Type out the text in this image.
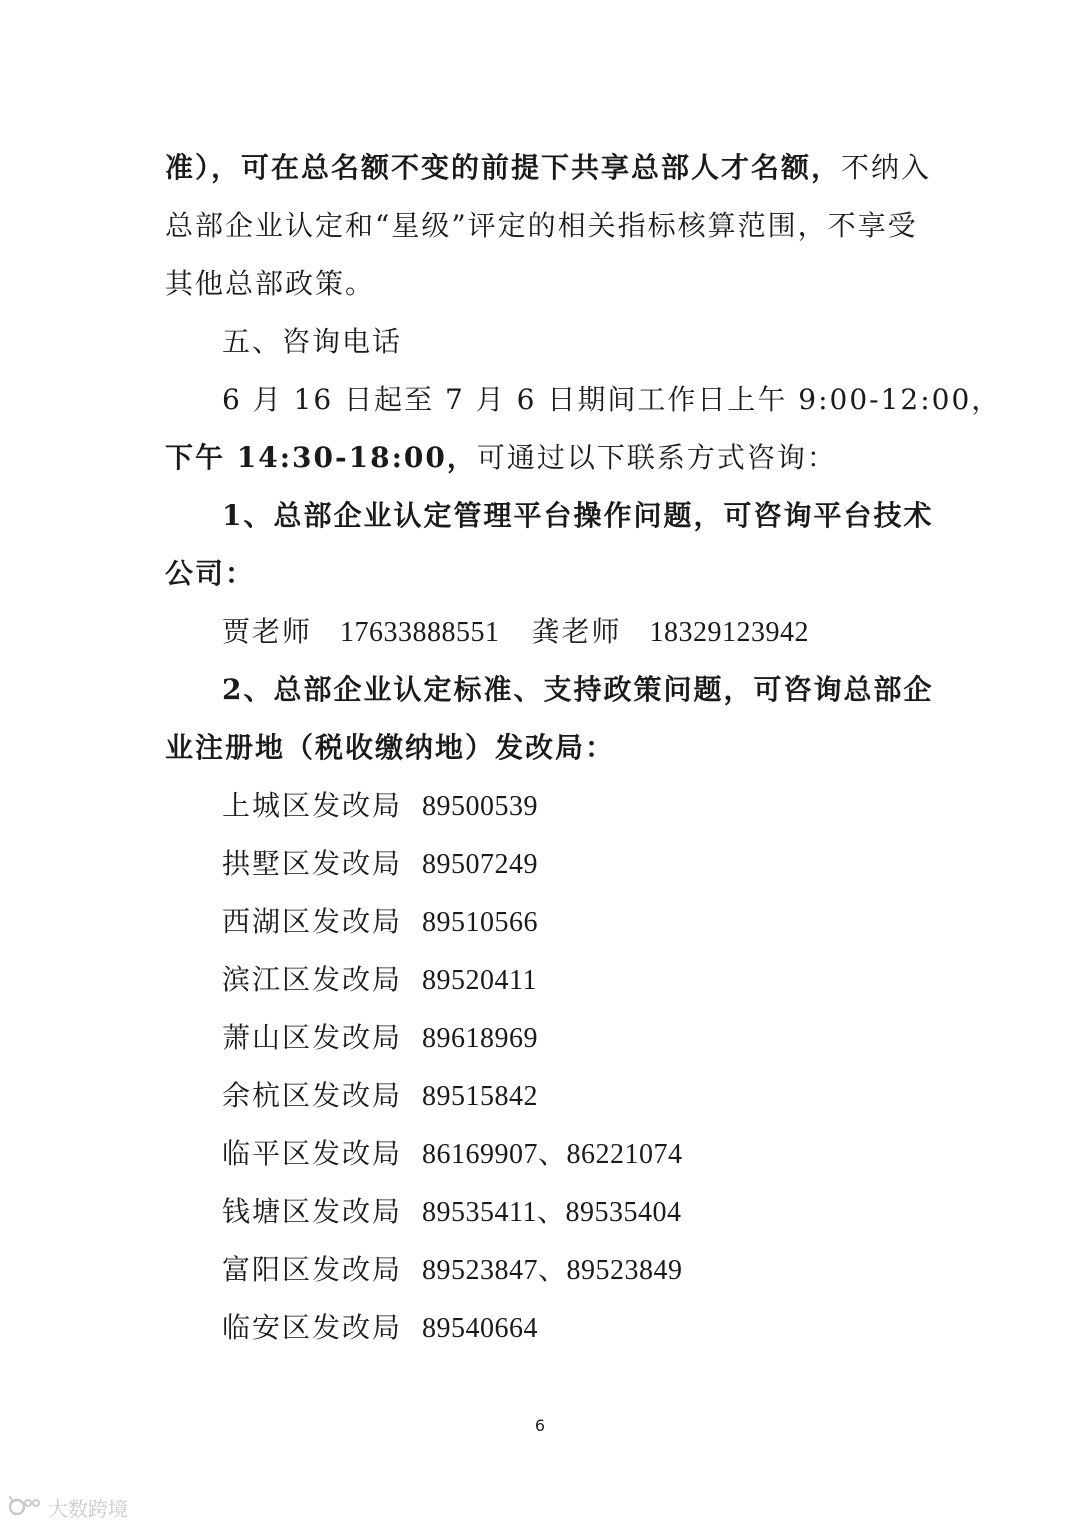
准），可在总名额不变的前提下共享总部人才名额，不纳入
总部企业认定和“星级”评定的相关指标核算范围，不享受
其他总部政策。
五、咨询电话
6 月 16 日起至 7 月 6 日期间工作日上午 9:00-12:00，
下午 14:30-18:00，可通过以下联系方式咨询：
1、总部企业认定管理平台操作问题，可咨询平台技术
公司：
贾老师 17633888551 龚老师 18329123942
2、总部企业认定标准、支持政策问题，可咨询总部企
业注册地（税收缴纳地）发改局：
上城区发改局 89500539
拱墅区发改局 89507249
西湖区发改局 89510566
滨江区发改局 89520411
萧山区发改局 89618969
余杭区发改局 89515842
临平区发改局 86169907、86221074
钱塘区发改局 89535411、89535404
富阳区发改局 89523847、89523849
临安区发改局 89540664
6
大数跨境
